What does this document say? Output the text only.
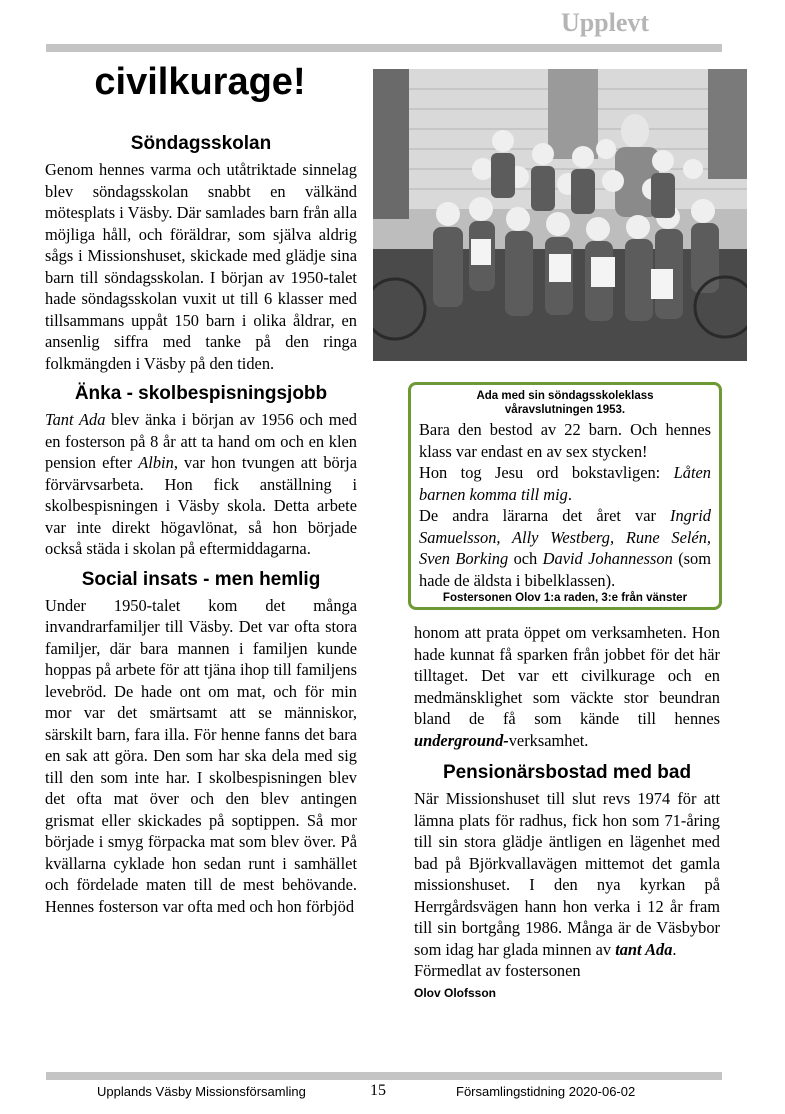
Upplevt
civilkurage!
Söndagsskolan
Genom hennes varma och utåtriktade sinnelag blev söndagsskolan snabbt en välkänd mötesplats i Väsby. Där samlades barn från alla möjliga håll, och föräldrar, som själva aldrig sågs i Missionshuset, skickade med glädje sina barn till söndagsskolan. I början av 1950-talet hade söndagsskolan vuxit ut till 6 klasser med tillsammans uppåt 150 barn i olika åldrar, en ansenlig siffra med tanke på den ringa folkmängden i Väsby på den tiden.
Änka - skolbespisningsjobb
Tant Ada blev änka i början av 1956 och med en fosterson på 8 år att ta hand om och en klen pension efter Albin, var hon tvungen att börja förvärvsarbeta. Hon fick anställning i skolbespisningen i Väsby skola. Detta arbete var inte direkt högavlönat, så hon började också städa i skolan på eftermiddagarna.
Social insats - men hemlig
Under 1950-talet kom det många invandrarfamiljer till Väsby. Det var ofta stora familjer, där bara mannen i familjen kunde hoppas på arbete för att tjäna ihop till familjens levebröd. De hade ont om mat, och för min mor var det smärtsamt att se människor, särskilt barn, fara illa. För henne fanns det bara en sak att göra. Den som har ska dela med sig till den som inte har. I skolbespisningen blev det ofta mat över och den blev antingen grismat eller skickades på soptippen. Så mor började i smyg förpacka mat som blev över. På kvällarna cyklade hon sedan runt i samhället och fördelade maten till de mest behövande. Hennes fosterson var ofta med och hon förbjöd
Ada med sin söndagsskoleklass
våravslutningen 1953.
Bara den bestod av 22 barn. Och hennes klass var endast en av sex stycken!
Hon tog Jesu ord bokstavligen: Låten barnen komma till mig.
De andra lärarna det året var Ingrid Samuelsson, Ally Westberg, Rune Selén, Sven Borking och David Johannesson (som hade de äldsta i bibelklassen).
Fostersonen Olov 1:a raden, 3:e från vänster
honom att prata öppet om verksamheten. Hon hade kunnat få sparken från jobbet för det här tilltaget. Det var ett civilkurage och en medmänsklighet som väckte stor beundran bland de få som kände till hennes underground-verksamhet.
Pensionärsbostad med bad
När Missionshuset till slut revs 1974 för att lämna plats för radhus, fick hon som 71-åring till sin stora glädje äntligen en lägenhet med bad på Björkvallavägen mittemot det gamla missionshuset. I den nya kyrkan på Herrgårdsvägen hann hon verka i 12 år fram till sin bortgång 1986. Många är de Väsbybor som idag har glada minnen av tant Ada.
Förmedlat av fostersonen
Olov Olofsson
Upplands Väsby Missionsförsamling	15	Församlingstidning 2020-06-02
